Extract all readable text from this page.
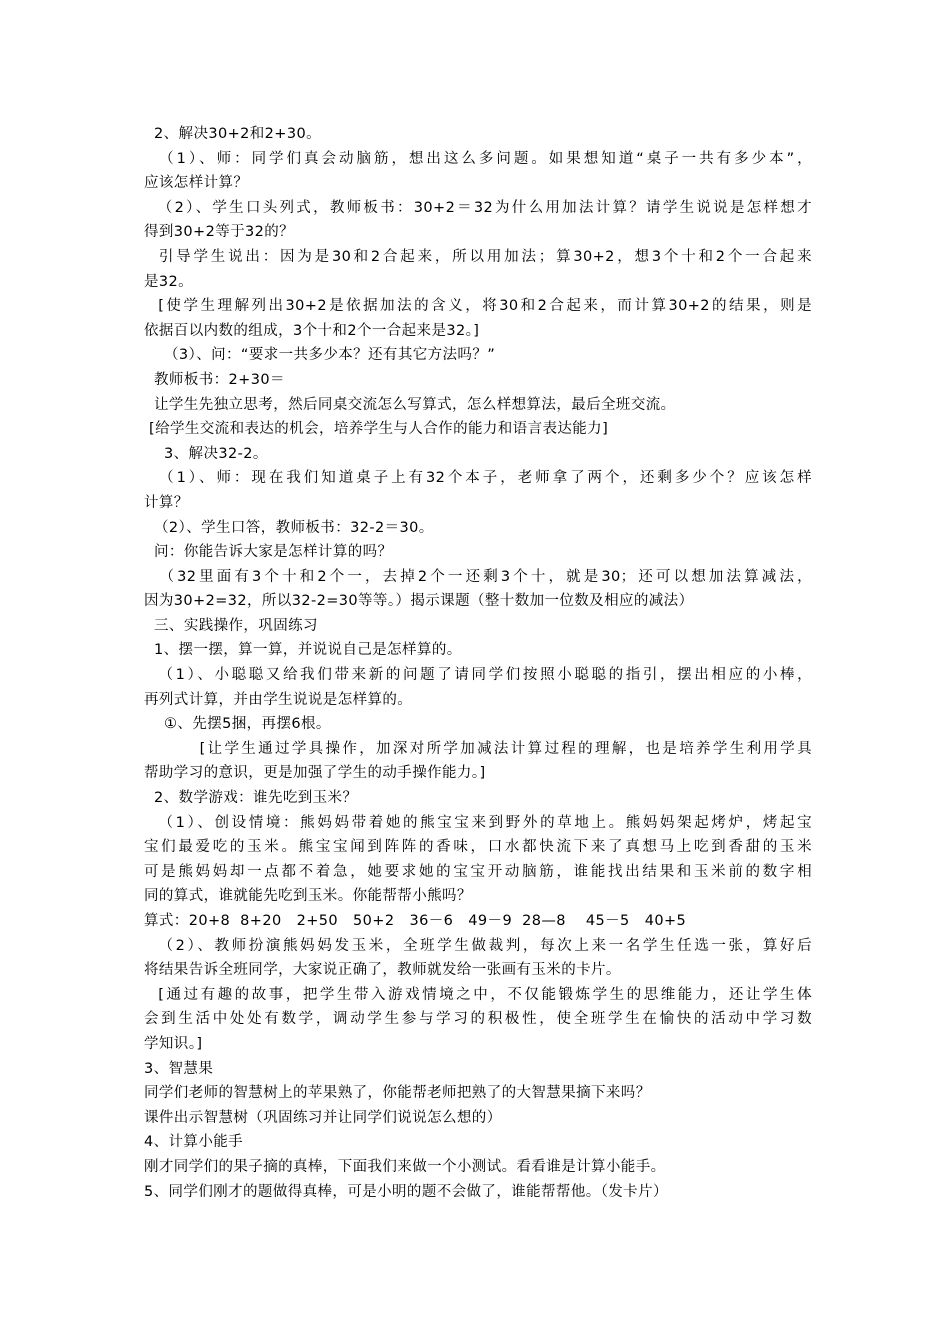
2、解决30+2和2+30。
（1）、师：同学们真会动脑筋，想出这么多问题。如果想知道“桌子一共有多少本”，
应该怎样计算？
（2）、学生口头列式，教师板书：30+2＝32为什么用加法计算？请学生说说是怎样想才
得到30+2等于32的？
引导学生说出：因为是30和2合起来，所以用加法；算30+2，想3个十和2个一合起来
是32。
[使学生理解列出30+2是依据加法的含义，将30和2合起来，而计算30+2的结果，则是
依据百以内数的组成，3个十和2个一合起来是32。]
（3）、问：“要求一共多少本？还有其它方法吗？”
教师板书：2+30＝
让学生先独立思考，然后同桌交流怎么写算式，怎么样想算法，最后全班交流。
[给学生交流和表达的机会，培养学生与人合作的能力和语言表达能力]
3、解决32-2。
（1）、师：现在我们知道桌子上有32个本子，老师拿了两个，还剩多少个？应该怎样
计算？
（2）、学生口答，教师板书：32-2＝30。
问：你能告诉大家是怎样计算的吗？
（32里面有3个十和2个一，去掉2个一还剩3个十，就是30；还可以想加法算减法，
因为30+2=32，所以32-2=30等等。）揭示课题（整十数加一位数及相应的减法）
三、实践操作，巩固练习
1、摆一摆，算一算，并说说自己是怎样算的。
（1）、小聪聪又给我们带来新的问题了请同学们按照小聪聪的指引，摆出相应的小棒，
再列式计算，并由学生说说是怎样算的。
①、先摆5捆，再摆6根。
[让学生通过学具操作，加深对所学加减法计算过程的理解，也是培养学生利用学具
帮助学习的意识，更是加强了学生的动手操作能力。]
2、数学游戏：谁先吃到玉米？
（1）、创设情境：熊妈妈带着她的熊宝宝来到野外的草地上。熊妈妈架起烤炉，烤起宝
宝们最爱吃的玉米。熊宝宝闻到阵阵的香味，口水都快流下来了真想马上吃到香甜的玉米
可是熊妈妈却一点都不着急，她要求她的宝宝开动脑筋，谁能找出结果和玉米前的数字相
同的算式，谁就能先吃到玉米。你能帮帮小熊吗？
算式：20+8  8+20   2+50   50+2   36－6   49－9  28—8    45－5   40+5
（2）、教师扮演熊妈妈发玉米，全班学生做裁判，每次上来一名学生任选一张，算好后
将结果告诉全班同学，大家说正确了，教师就发给一张画有玉米的卡片。
[通过有趣的故事，把学生带入游戏情境之中，不仅能锻炼学生的思维能力，还让学生体
会到生活中处处有数学，调动学生参与学习的积极性，使全班学生在愉快的活动中学习数
学知识。]
3、智慧果
同学们老师的智慧树上的苹果熟了，你能帮老师把熟了的大智慧果摘下来吗？
课件出示智慧树（巩固练习并让同学们说说怎么想的）
4、计算小能手
刚才同学们的果子摘的真棒，下面我们来做一个小测试。看看谁是计算小能手。
5、同学们刚才的题做得真棒，可是小明的题不会做了，谁能帮帮他。（发卡片）
